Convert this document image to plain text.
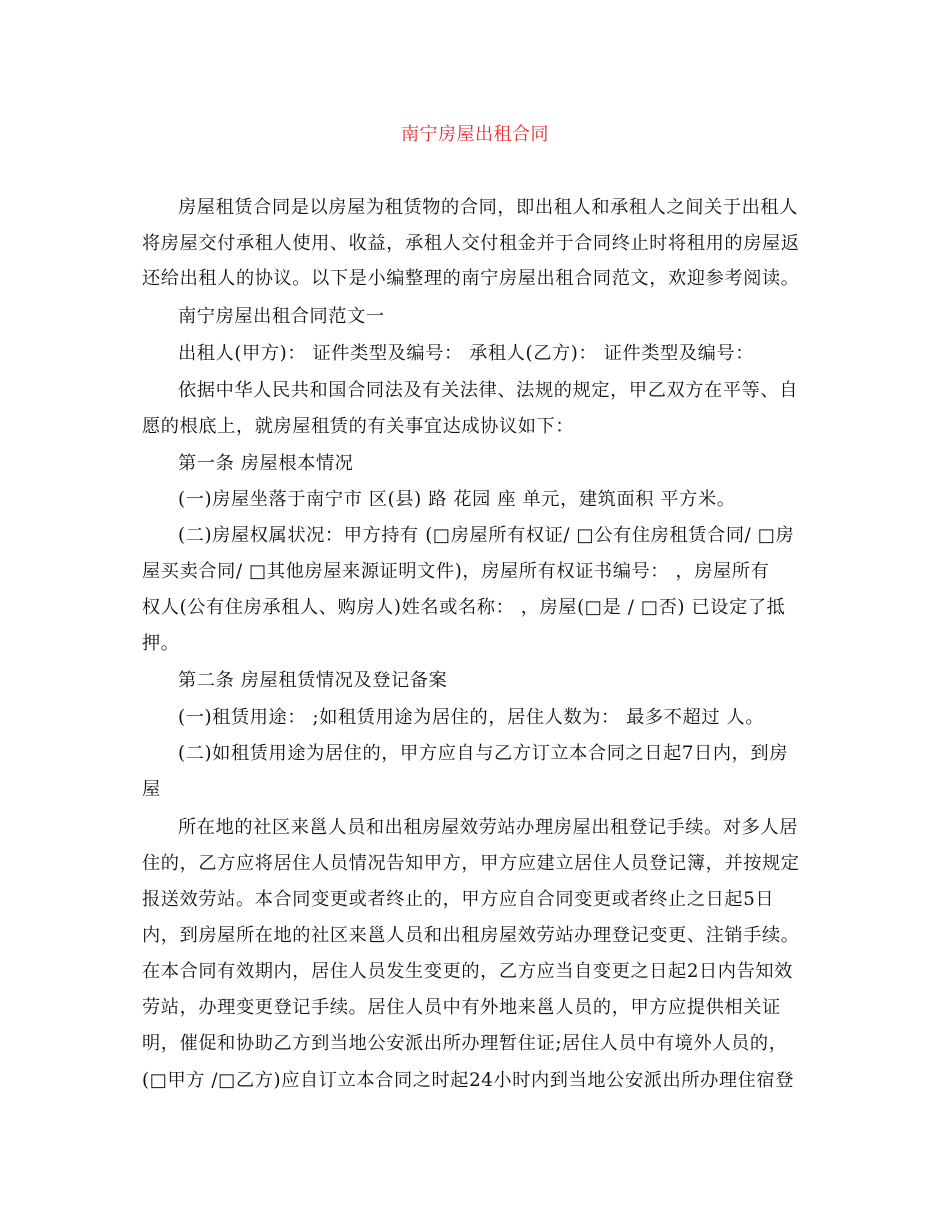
南宁房屋出租合同
房屋租赁合同是以房屋为租赁物的合同，即出租人和承租人之间关于出租人
将房屋交付承租人使用、收益，承租人交付租金并于合同终止时将租用的房屋返
还给出租人的协议。以下是小编整理的南宁房屋出租合同范文，欢迎参考阅读。
南宁房屋出租合同范文一
出租人(甲方)： 证件类型及编号： 承租人(乙方)： 证件类型及编号：
依据中华人民共和国合同法及有关法律、法规的规定，甲乙双方在平等、自
愿的根底上，就房屋租赁的有关事宜达成协议如下：
第一条 房屋根本情况
(一)房屋坐落于南宁市 区(县) 路 花园 座 单元，建筑面积 平方米。
(二)房屋权属状况：甲方持有 (□房屋所有权证/ □公有住房租赁合同/ □房
屋买卖合同/ □其他房屋来源证明文件)，房屋所有权证书编号： ，房屋所有
权人(公有住房承租人、购房人)姓名或名称： ，房屋(□是 / □否) 已设定了抵
押。
第二条 房屋租赁情况及登记备案
(一)租赁用途： ;如租赁用途为居住的，居住人数为： 最多不超过 人。
(二)如租赁用途为居住的，甲方应自与乙方订立本合同之日起7日内，到房
屋
所在地的社区来邕人员和出租房屋效劳站办理房屋出租登记手续。对多人居
住的，乙方应将居住人员情况告知甲方，甲方应建立居住人员登记簿，并按规定
报送效劳站。本合同变更或者终止的，甲方应自合同变更或者终止之日起5日
内，到房屋所在地的社区来邕人员和出租房屋效劳站办理登记变更、注销手续。
在本合同有效期内，居住人员发生变更的，乙方应当自变更之日起2日内告知效
劳站，办理变更登记手续。居住人员中有外地来邕人员的，甲方应提供相关证
明，催促和协助乙方到当地公安派出所办理暂住证;居住人员中有境外人员的，
(□甲方 /□乙方)应自订立本合同之时起24小时内到当地公安派出所办理住宿登
